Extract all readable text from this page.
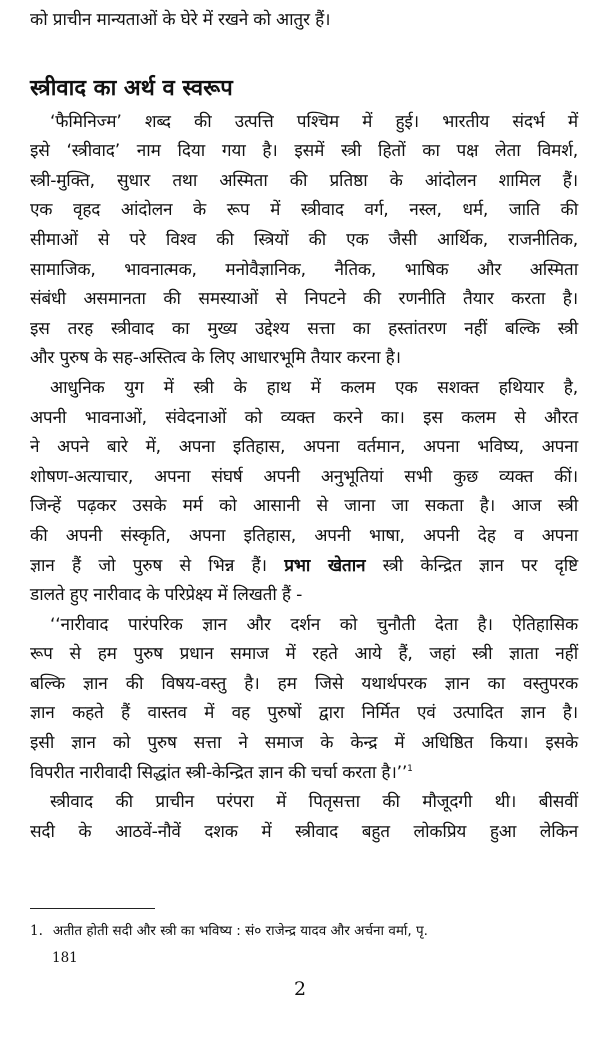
को प्राचीन मान्यताओं के घेरे में रखने को आतुर हैं।
स्त्रीवाद का अर्थ व स्वरूप
‘फैमिनिज्म’ शब्द की उत्पत्ति पश्चिम में हुई। भारतीय संदर्भ में
इसे ‘स्त्रीवाद’ नाम दिया गया है। इसमें स्त्री हितों का पक्ष लेता विमर्श,
स्त्री-मुक्ति, सुधार तथा अस्मिता की प्रतिष्ठा के आंदोलन शामिल हैं।
एक वृहद आंदोलन के रूप में स्त्रीवाद वर्ग, नस्ल, धर्म, जाति की
सीमाओं से परे विश्व की स्त्रियों की एक जैसी आर्थिक, राजनीतिक,
सामाजिक, भावनात्मक, मनोवैज्ञानिक, नैतिक, भाषिक और अस्मिता
संबंधी असमानता की समस्याओं से निपटने की रणनीति तैयार करता है।
इस तरह स्त्रीवाद का मुख्य उद्देश्य सत्ता का हस्तांतरण नहीं बल्कि स्त्री
और पुरुष के सह-अस्तित्व के लिए आधारभूमि तैयार करना है।
आधुनिक युग में स्त्री के हाथ में कलम एक सशक्त हथियार है,
अपनी भावनाओं, संवेदनाओं को व्यक्त करने का। इस कलम से औरत
ने अपने बारे में, अपना इतिहास, अपना वर्तमान, अपना भविष्य, अपना
शोषण-अत्याचार, अपना संघर्ष अपनी अनुभूतियां सभी कुछ व्यक्त कीं।
जिन्हें पढ़कर उसके मर्म को आसानी से जाना जा सकता है। आज स्त्री
की अपनी संस्कृति, अपना इतिहास, अपनी भाषा, अपनी देह व अपना
ज्ञान हैं जो पुरुष से भिन्न हैं। प्रभा खेतान स्त्री केन्द्रित ज्ञान पर दृष्टि
डालते हुए नारीवाद के परिप्रेक्ष्य में लिखती हैं -
‘‘नारीवाद पारंपरिक ज्ञान और दर्शन को चुनौती देता है। ऐतिहासिक
रूप से हम पुरुष प्रधान समाज में रहते आये हैं, जहां स्त्री ज्ञाता नहीं
बल्कि ज्ञान की विषय-वस्तु है। हम जिसे यथार्थपरक ज्ञान का वस्तुपरक
ज्ञान कहते हैं वास्तव में वह पुरुषों द्वारा निर्मित एवं उत्पादित ज्ञान है।
इसी ज्ञान को पुरुष सत्ता ने समाज के केन्द्र में अधिष्ठित किया। इसके
विपरीत नारीवादी सिद्धांत स्त्री-केन्द्रित ज्ञान की चर्चा करता है।’’$^1$
स्त्रीवाद की प्राचीन परंपरा में पितृसत्ता की मौजूदगी थी। बीसवीं
सदी के आठवें-नौवें दशक में स्त्रीवाद बहुत लोकप्रिय हुआ लेकिन
1. अतीत होती सदी और स्त्री का भविष्य : सं० राजेन्द्र यादव और अर्चना वर्मा, पृ.
181
2
